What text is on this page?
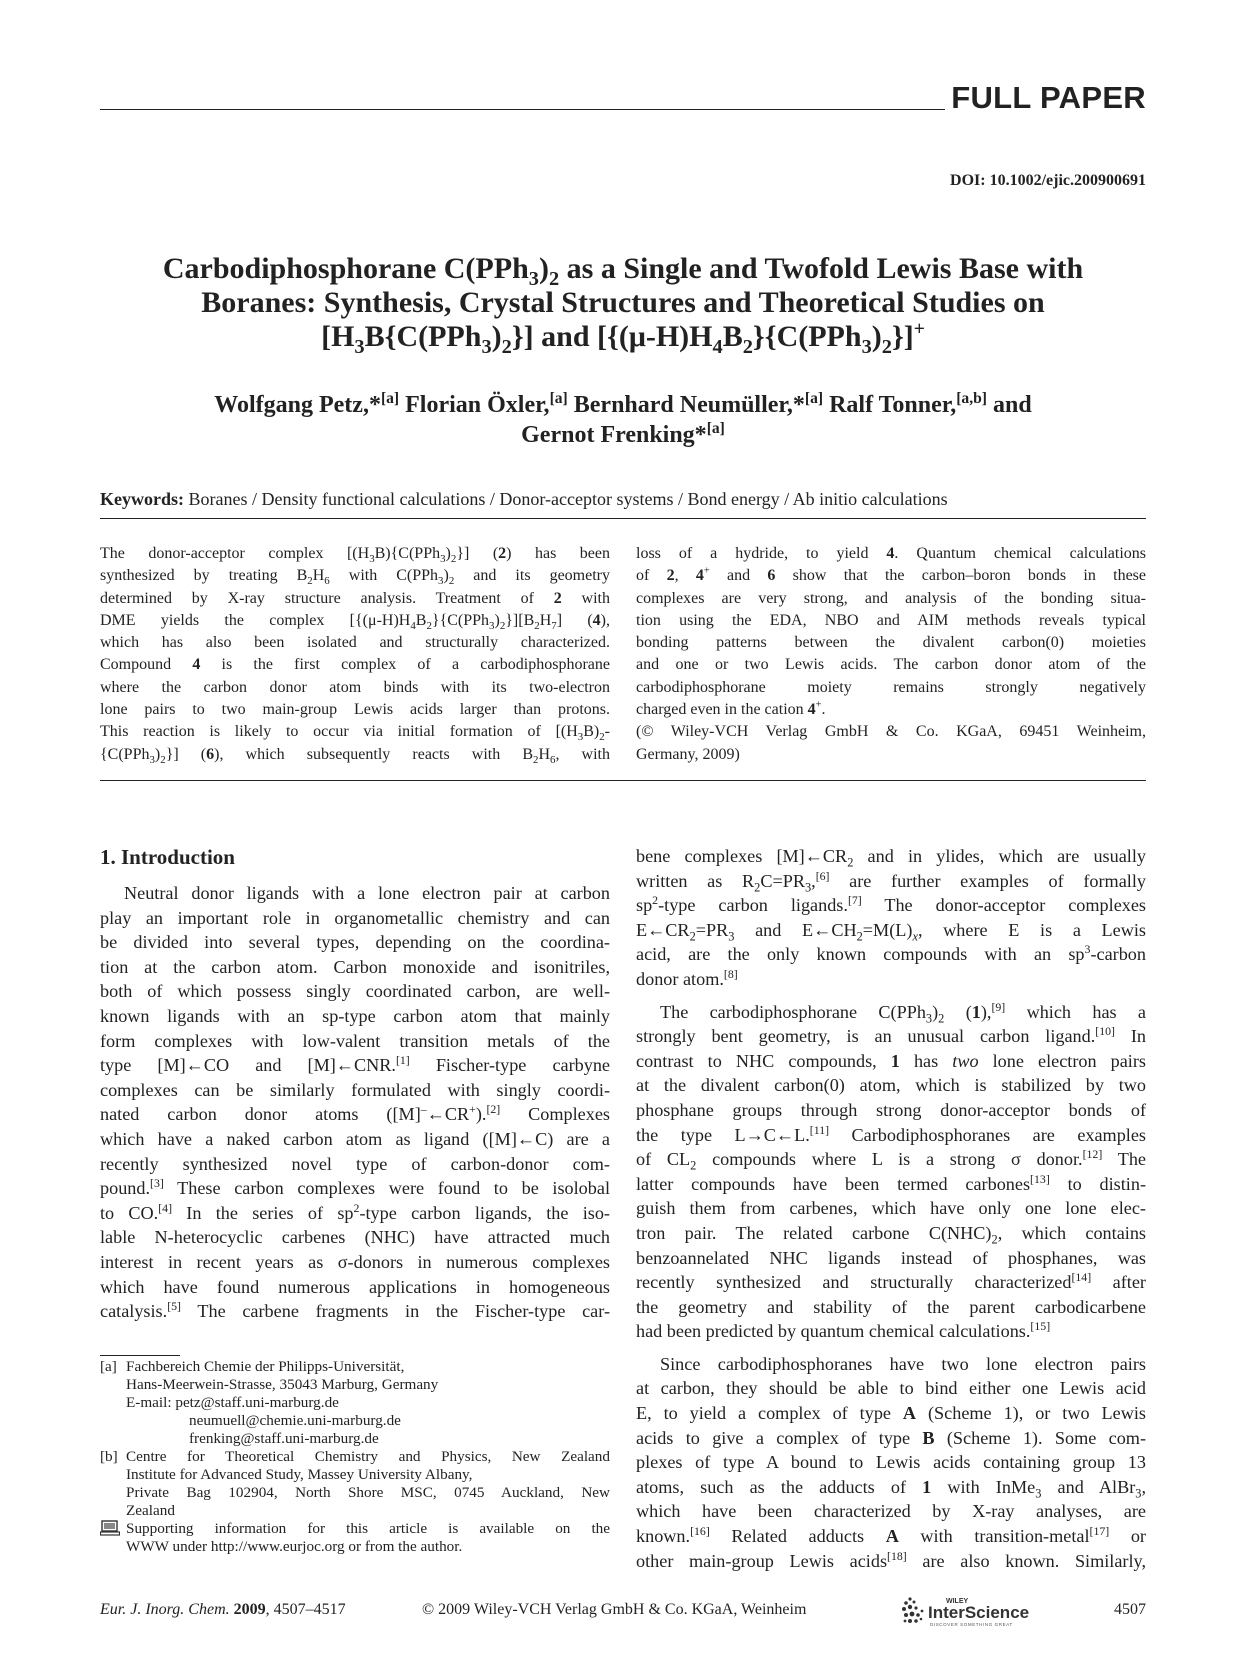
FULL PAPER
DOI: 10.1002/ejic.200900691
Carbodiphosphorane $C(PPh_3)_2$ as a Single and Twofold Lewis Base with
Boranes: Synthesis, Crystal Structures and Theoretical Studies on
$[H_3B\{C(PPh_3)_2\}]$ and $[\{(\mu-H)H_4B_2\}\{C(PPh_3)_2\}]^+$
Wolfgang Petz,*[a] Florian Öxler,[a] Bernhard Neumüller,*[a] Ralf Tonner,[a,b] and
Gernot Frenking*[a]
Keywords: Boranes / Density functional calculations / Donor-acceptor systems / Bond energy / Ab initio calculations
The donor-acceptor complex $[(H_3B)\{C(PPh_3)_2\}]$ (2) has been
synthesized by treating $B_2H_6$ with $C(PPh_3)_2$ and its geometry
determined by X-ray structure analysis. Treatment of 2 with
DME yields the complex $[\{(\mu-H)H_4B_2\}\{C(PPh_3)_2\}][B_2H_7]$ (4),
which has also been isolated and structurally characterized.
Compound 4 is the first complex of a carbodiphosphorane
where the carbon donor atom binds with its two-electron
lone pairs to two main-group Lewis acids larger than protons.
This reaction is likely to occur via initial formation of [$(H_3B)_2-$
$\{C(PPh_3)_2\}$] (6), which subsequently reacts with $B_2H_6$, with
loss of a hydride, to yield 4. Quantum chemical calculations
of 2, 4+ and 6 show that the carbon–boron bonds in these
complexes are very strong, and analysis of the bonding situa-
tion using the EDA, NBO and AIM methods reveals typical
bonding patterns between the divalent carbon(0) moieties
and one or two Lewis acids. The carbon donor atom of the
carbodiphosphorane moiety remains strongly negatively
charged even in the cation 4+.
(© Wiley-VCH Verlag GmbH & Co. KGaA, 69451 Weinheim,
Germany, 2009)
1. Introduction
Neutral donor ligands with a lone electron pair at carbon
play an important role in organometallic chemistry and can
be divided into several types, depending on the coordina-
tion at the carbon atom. Carbon monoxide and isonitriles,
both of which possess singly coordinated carbon, are well-
known ligands with an sp-type carbon atom that mainly
form complexes with low-valent transition metals of the
type [M]←CO and [M]←CNR.[1] Fischer-type carbyne
complexes can be similarly formulated with singly coordi-
nated carbon donor atoms ([M]–←CR+).[2] Complexes
which have a naked carbon atom as ligand ([M]←C) are a
recently synthesized novel type of carbon-donor com-
pound.[3] These carbon complexes were found to be isolobal
to CO.[4] In the series of $sp^2$-type carbon ligands, the iso-
lable N-heterocyclic carbenes (NHC) have attracted much
interest in recent years as σ-donors in numerous complexes
which have found numerous applications in homogeneous
catalysis.[5] The carbene fragments in the Fischer-type car-
bene complexes $[M]\leftarrow CR_2$ and in ylides, which are usually
written as $R_2C=PR_3,[6]$ are further examples of formally
$sp^2$-type carbon ligands.[7] The donor-acceptor complexes
$E\leftarrow CR_2=PR_3$ and $E\leftarrow CH_2=M(L)_x$, where E is a Lewis
acid, are the only known compounds with an $sp^3$-carbon
donor atom.[8]
The carbodiphosphorane $C(PPh_3)_2$ (1),[9] which has a
strongly bent geometry, is an unusual carbon ligand.[10] In
contrast to NHC compounds, 1 has two lone electron pairs
at the divalent carbon(0) atom, which is stabilized by two
phosphane groups through strong donor-acceptor bonds of
the type L→C←L.[11] Carbodiphosphoranes are examples
of $CL_2$ compounds where L is a strong σ donor.[12] The
latter compounds have been termed carbones[13] to distin-
guish them from carbenes, which have only one lone elec-
tron pair. The related carbone $C(NHC)_2$, which contains
benzoannelated NHC ligands instead of phosphanes, was
recently synthesized and structurally characterized[14] after
the geometry and stability of the parent carbodicarbene
had been predicted by quantum chemical calculations.[15]
Since carbodiphosphoranes have two lone electron pairs
at carbon, they should be able to bind either one Lewis acid
E, to yield a complex of type A (Scheme 1), or two Lewis
acids to give a complex of type B (Scheme 1). Some com-
plexes of type A bound to Lewis acids containing group 13
atoms, such as the adducts of 1 with InMe$_3$ and AlBr$_3$,
which have been characterized by X-ray analyses, are
known.[16] Related adducts A with transition-metal[17] or
other main-group Lewis acids[18] are also known. Similarly,
[a] Fachbereich Chemie der Philipps-Universität,
Hans-Meerwein-Strasse, 35043 Marburg, Germany
E-mail: petz@staff.uni-marburg.de
neumuell@chemie.uni-marburg.de
frenking@staff.uni-marburg.de
[b] Centre for Theoretical Chemistry and Physics, New Zealand
Institute for Advanced Study, Massey University Albany,
Private Bag 102904, North Shore MSC, 0745 Auckland, New
Zealand
Supporting information for this article is available on the
WWW under http://www.eurjoc.org or from the author.
Eur. J. Inorg. Chem. 2009, 4507–4517	© 2009 Wiley-VCH Verlag GmbH & Co. KGaA, Weinheim	WILEY
InterScience
DISCOVER SOMETHING GREAT
4507
